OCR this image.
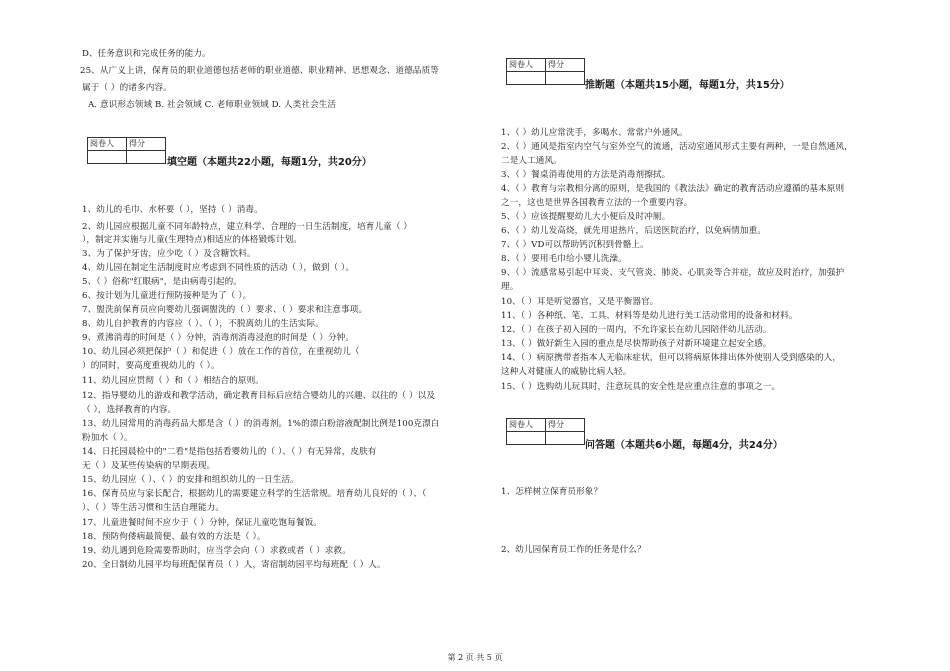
D、任务意识和完成任务的能力。
25、从广义上讲，保育员的职业道德包括老师的职业道德、职业精神、思想观念、道德品质等
属于（ ）的诸多内容。
A. 意识形态领域 B. 社会领域 C. 老师职业领域 D. 人类社会生活
阅卷人	得分

填空题（本题共22小题，每题1分，共20分）
1、幼儿的毛巾、水杯要（ ），坚持（ ）消毒。
2、幼儿园应根据儿童不同年龄特点，建立科学、合理的一日生活制度，培育儿童（ ）
），制定并实施与儿童(生理特点)相适应的体格锻炼计划。
3、为了保护牙齿，应少吃（ ）及含糖饮料。
4、幼儿园在制定生活制度时应考虑到不同性质的活动（ ），做到（ ）。
5、（ ）俗称"红眼病"，是由病毒引起的。
6、按计划为儿童进行预防接种是为了（ ）。
7、盥洗前保育员应向婴幼儿强调盥洗的（ ）要求、（ ）要求和注意事项。
8、幼儿自护教育的内容应（ ）、（ ），不脱离幼儿的生活实际。
9、煮沸消毒的时间是（ ）分钟，消毒剂消毒浸泡的时间是（ ）分钟。
10、幼儿园必须把保护（ ）和促进（ ）放在工作的首位，在重视幼儿（
）的同时，要高度重视幼儿的（ ）。
11、幼儿园应贯彻（ ）和（ ）相结合的原则。
12、指导婴幼儿的游戏和教学活动，确定教育目标后应结合婴幼儿的兴趣、以往的（ ）以及
（ ），选择教育的内容。
13、幼儿园常用的消毒药品大都是含（ ）的消毒剂。1%的漂白粉溶液配制比例是100克漂白
粉加水（ ）。
14、日托园晨检中的"二看"是指包括看婴幼儿的（ ）、（ ）有无异常，皮肤有
无（ ）及某些传染病的早期表现。
15、幼儿园应（ ）、（ ）的安排和组织幼儿的一日生活。
16、保育员应与家长配合，根据幼儿的需要建立科学的生活常规。培育幼儿良好的（ ）、（
）、（ ）等生活习惯和生活自理能力。
17、儿童进餐时间不应少于（ ）分钟，保证儿童吃饱每餐饭。
18、预防佝偻病最简便、最有效的方法是（ ）。
19、幼儿遇到危险需要帮助时，应当学会向（ ）求救或者（ ）求救。
20、全日制幼儿园平均每班配保育员（ ）人，寄宿制幼园平均每班配（ ）人。
阅卷人	得分

推断题（本题共15小题，每题1分，共15分）
1、（ ）幼儿应常洗手，多喝水、常常户外通风。
2、（ ）通风是指室内空气与室外空气的流通，活动室通风形式主要有两种，一是自然通风，
二是人工通风。
3、（ ）餐桌消毒使用的方法是消毒剂擦拭。
4、（ ）教育与宗教相分离的原则，是我国的《教法法》确定的教育活动应遵循的基本原则
之一，这也是世界各国教育立法的一个重要内容。
5、（ ）应该提醒婴幼儿大小便后及时冲厕。
6、（ ）幼儿发高烧，就先用退热片，后送医院治疗，以免病情加重。
7、（ ）VD可以帮助钙沉积到骨骼上。
8、（ ）要用毛巾给小婴儿洗澡。
9、（ ）流感常易引起中耳炎、支气管炎、肺炎、心肌炎等合并症，故应及时治疗，加强护
理。
10、（ ）耳是听觉器官，又是平衡器官。
11、（ ）各种纸、笔、工具、材料等是幼儿进行美工活动常用的设备和材料。
12、（ ）在孩子初入园的一周内，不允许家长在幼儿园陪伴幼儿活动。
13、（ ）做好新生入园的重点是尽快帮助孩子对新环境建立起安全感。
14、（ ）病原携带者指本人无临床症状，但可以将病原体排出体外使别人受到感染的人，
这种人对健康人的威胁比病人轻。
15、（ ）选购幼儿玩具时，注意玩具的安全性是应重点注意的事项之一。
阅卷人	得分

问答题（本题共6小题，每题4分，共24分）
1、怎样树立保育员形象？
2、幼儿园保育员工作的任务是什么？
第 2 页 共 5 页
